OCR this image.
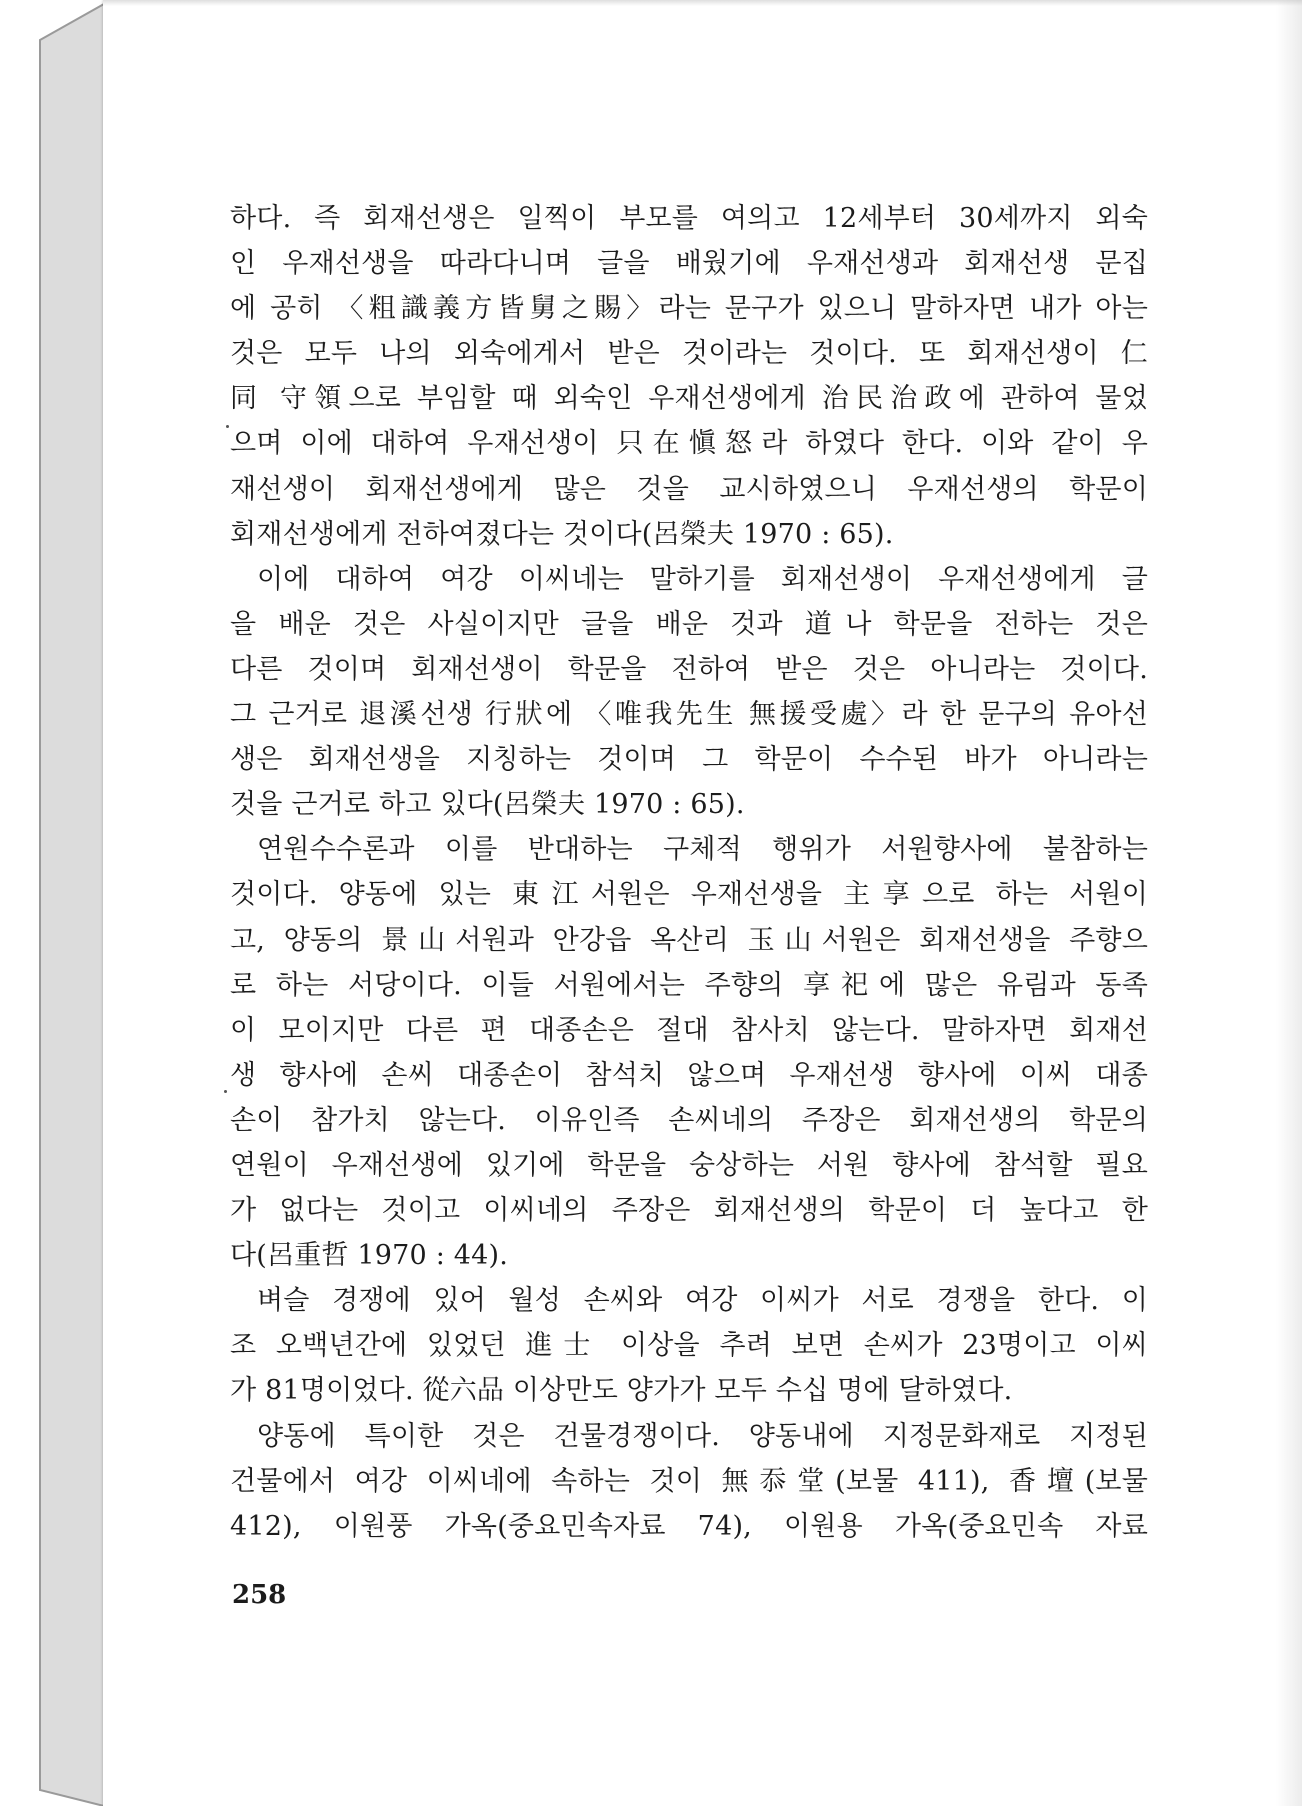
하다. 즉 회재선생은 일찍이 부모를 여의고 12세부터 30세까지 외숙
인 우재선생을 따라다니며 글을 배웠기에 우재선생과 회재선생 문집
에 공히 〈粗識義方皆舅之賜〉라는 문구가 있으니 말하자면 내가 아는
것은 모두 나의 외숙에게서 받은 것이라는 것이다. 또 회재선생이 仁
同 守領으로 부임할 때 외숙인 우재선생에게 治民治政에 관하여 물었
으며 이에 대하여 우재선생이 只在愼怒라 하였다 한다. 이와 같이 우
재선생이 회재선생에게 많은 것을 교시하였으니 우재선생의 학문이
회재선생에게 전하여졌다는 것이다(呂榮夫 1970 : 65).
이에 대하여 여강 이씨네는 말하기를 회재선생이 우재선생에게 글
을 배운 것은 사실이지만 글을 배운 것과 道나 학문을 전하는 것은
다른 것이며 회재선생이 학문을 전하여 받은 것은 아니라는 것이다.
그 근거로 退溪선생 行狀에 〈唯我先生 無援受處〉라 한 문구의 유아선
생은 회재선생을 지칭하는 것이며 그 학문이 수수된 바가 아니라는
것을 근거로 하고 있다(呂榮夫 1970 : 65).
연원수수론과 이를 반대하는 구체적 행위가 서원향사에 불참하는
것이다. 양동에 있는 東江서원은 우재선생을 主享으로 하는 서원이
고, 양동의 景山서원과 안강읍 옥산리 玉山서원은 회재선생을 주향으
로 하는 서당이다. 이들 서원에서는 주향의 享祀에 많은 유림과 동족
이 모이지만 다른 편 대종손은 절대 참사치 않는다. 말하자면 회재선
생 향사에 손씨 대종손이 참석치 않으며 우재선생 향사에 이씨 대종
손이 참가치 않는다. 이유인즉 손씨네의 주장은 회재선생의 학문의
연원이 우재선생에 있기에 학문을 숭상하는 서원 향사에 참석할 필요
가 없다는 것이고 이씨네의 주장은 회재선생의 학문이 더 높다고 한
다(呂重哲 1970 : 44).
벼슬 경쟁에 있어 월성 손씨와 여강 이씨가 서로 경쟁을 한다. 이
조 오백년간에 있었던 進士 이상을 추려 보면 손씨가 23명이고 이씨
가 81명이었다. 從六品 이상만도 양가가 모두 수십 명에 달하였다.
양동에 특이한 것은 건물경쟁이다. 양동내에 지정문화재로 지정된
건물에서 여강 이씨네에 속하는 것이 無忝堂(보물 411), 香壇(보물
412), 이원풍 가옥(중요민속자료 74), 이원용 가옥(중요민속 자료

258
